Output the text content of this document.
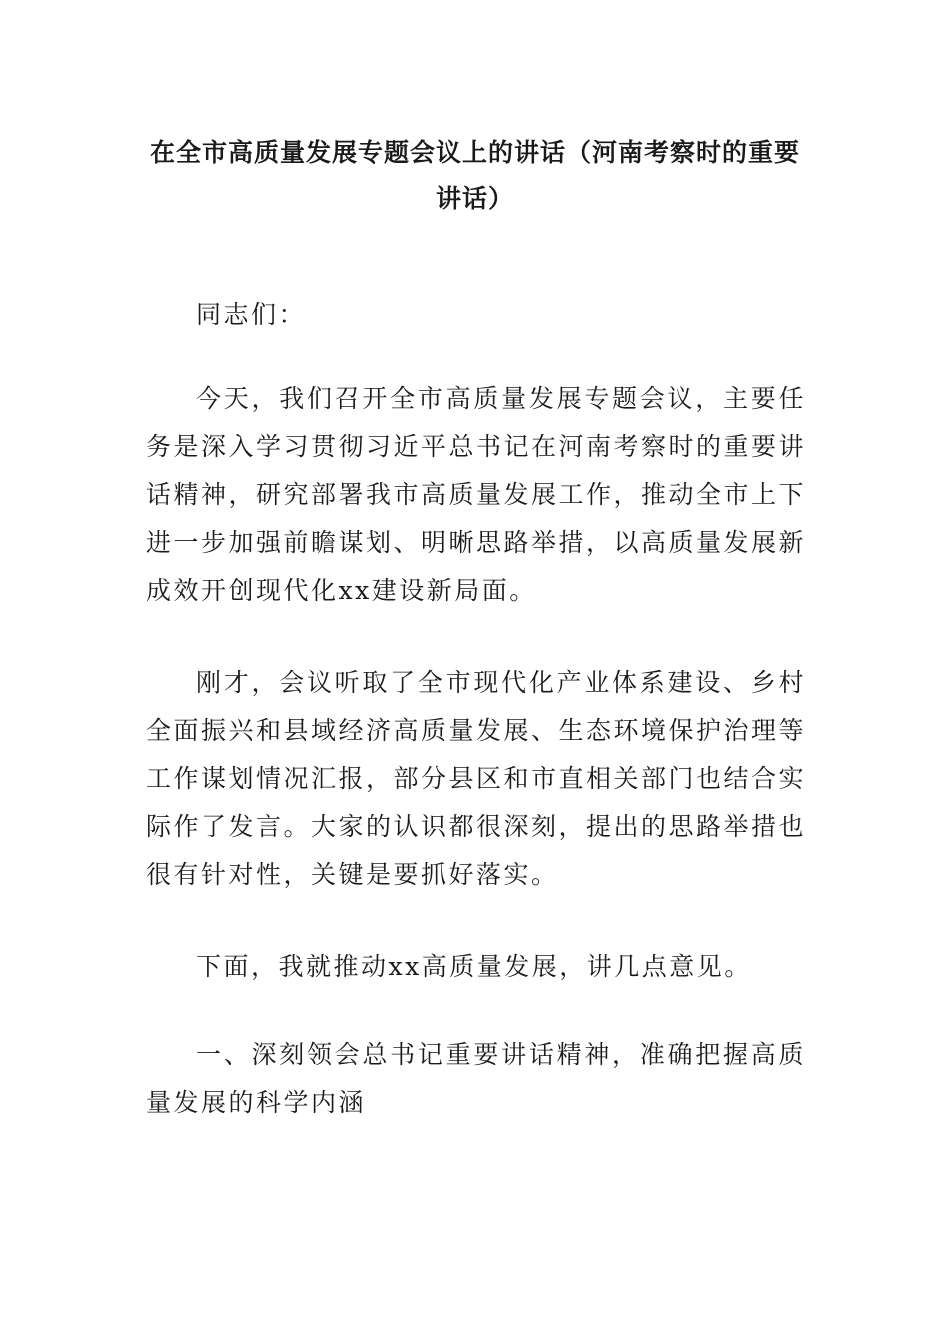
在全市高质量发展专题会议上的讲话（河南考察时的重要讲话）

同志们：

今天，我们召开全市高质量发展专题会议，主要任务是深入学习贯彻习近平总书记在河南考察时的重要讲话精神，研究部署我市高质量发展工作，推动全市上下进一步加强前瞻谋划、明晰思路举措，以高质量发展新成效开创现代化xx建设新局面。

刚才，会议听取了全市现代化产业体系建设、乡村全面振兴和县域经济高质量发展、生态环境保护治理等工作谋划情况汇报，部分县区和市直相关部门也结合实际作了发言。大家的认识都很深刻，提出的思路举措也很有针对性，关键是要抓好落实。

下面，我就推动xx高质量发展，讲几点意见。

一、深刻领会总书记重要讲话精神，准确把握高质量发展的科学内涵
